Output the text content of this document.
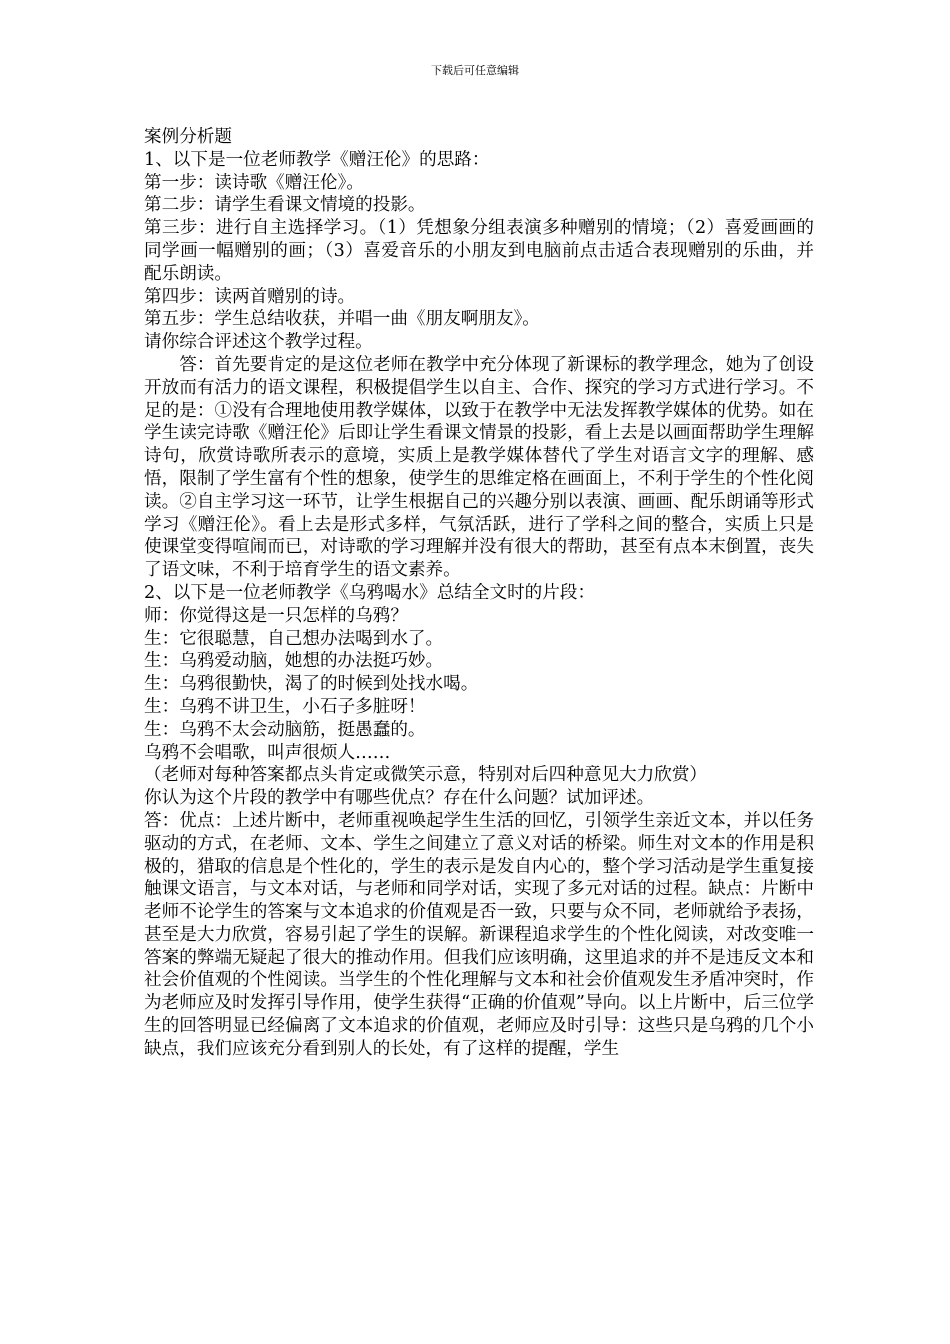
下载后可任意编辑

案例分析题

1、以下是一位老师教学《赠汪伦》的思路：

第一步：读诗歌《赠汪伦》。

第二步：请学生看课文情境的投影。

第三步：进行自主选择学习。（1）凭想象分组表演多种赠别的情境；（2）喜爱画画的同学画一幅赠别的画；（3）喜爱音乐的小朋友到电脑前点击适合表现赠别的乐曲，并配乐朗读。

第四步：读两首赠别的诗。

第五步：学生总结收获，并唱一曲《朋友啊朋友》。

请你综合评述这个教学过程。

答：首先要肯定的是这位老师在教学中充分体现了新课标的教学理念，她为了创设开放而有活力的语文课程，积极提倡学生以自主、合作、探究的学习方式进行学习。不足的是：①没有合理地使用教学媒体，以致于在教学中无法发挥教学媒体的优势。如在学生读完诗歌《赠汪伦》后即让学生看课文情景的投影，看上去是以画面帮助学生理解诗句，欣赏诗歌所表示的意境，实质上是教学媒体替代了学生对语言文字的理解、感悟，限制了学生富有个性的想象，使学生的思维定格在画面上，不利于学生的个性化阅读。②自主学习这一环节，让学生根据自己的兴趣分别以表演、画画、配乐朗诵等形式学习《赠汪伦》。看上去是形式多样，气氛活跃，进行了学科之间的整合，实质上只是使课堂变得喧闹而已，对诗歌的学习理解并没有很大的帮助，甚至有点本末倒置，丧失了语文味，不利于培育学生的语文素养。

2、以下是一位老师教学《乌鸦喝水》总结全文时的片段：

师：你觉得这是一只怎样的乌鸦？

生：它很聪慧，自己想办法喝到水了。

生：乌鸦爱动脑，她想的办法挺巧妙。

生：乌鸦很勤快，渴了的时候到处找水喝。

生：乌鸦不讲卫生，小石子多脏呀！

生：乌鸦不太会动脑筋，挺愚蠢的。

乌鸦不会唱歌，叫声很烦人……

（老师对每种答案都点头肯定或微笑示意，特别对后四种意见大力欣赏）

你认为这个片段的教学中有哪些优点？存在什么问题？试加评述。

答：优点：上述片断中，老师重视唤起学生生活的回忆，引领学生亲近文本，并以任务驱动的方式，在老师、文本、学生之间建立了意义对话的桥梁。师生对文本的作用是积极的，猎取的信息是个性化的，学生的表示是发自内心的，整个学习活动是学生重复接触课文语言，与文本对话，与老师和同学对话，实现了多元对话的过程。缺点：片断中老师不论学生的答案与文本追求的价值观是否一致，只要与众不同，老师就给予表扬，甚至是大力欣赏，容易引起了学生的误解。新课程追求学生的个性化阅读，对改变唯一答案的弊端无疑起了很大的推动作用。但我们应该明确，这里追求的并不是违反文本和社会价值观的个性阅读。当学生的个性化理解与文本和社会价值观发生矛盾冲突时，作为老师应及时发挥引导作用，使学生获得“正确的价值观”导向。以上片断中，后三位学生的回答明显已经偏离了文本追求的价值观，老师应及时引导：这些只是乌鸦的几个小缺点，我们应该充分看到别人的长处，有了这样的提醒，学生
